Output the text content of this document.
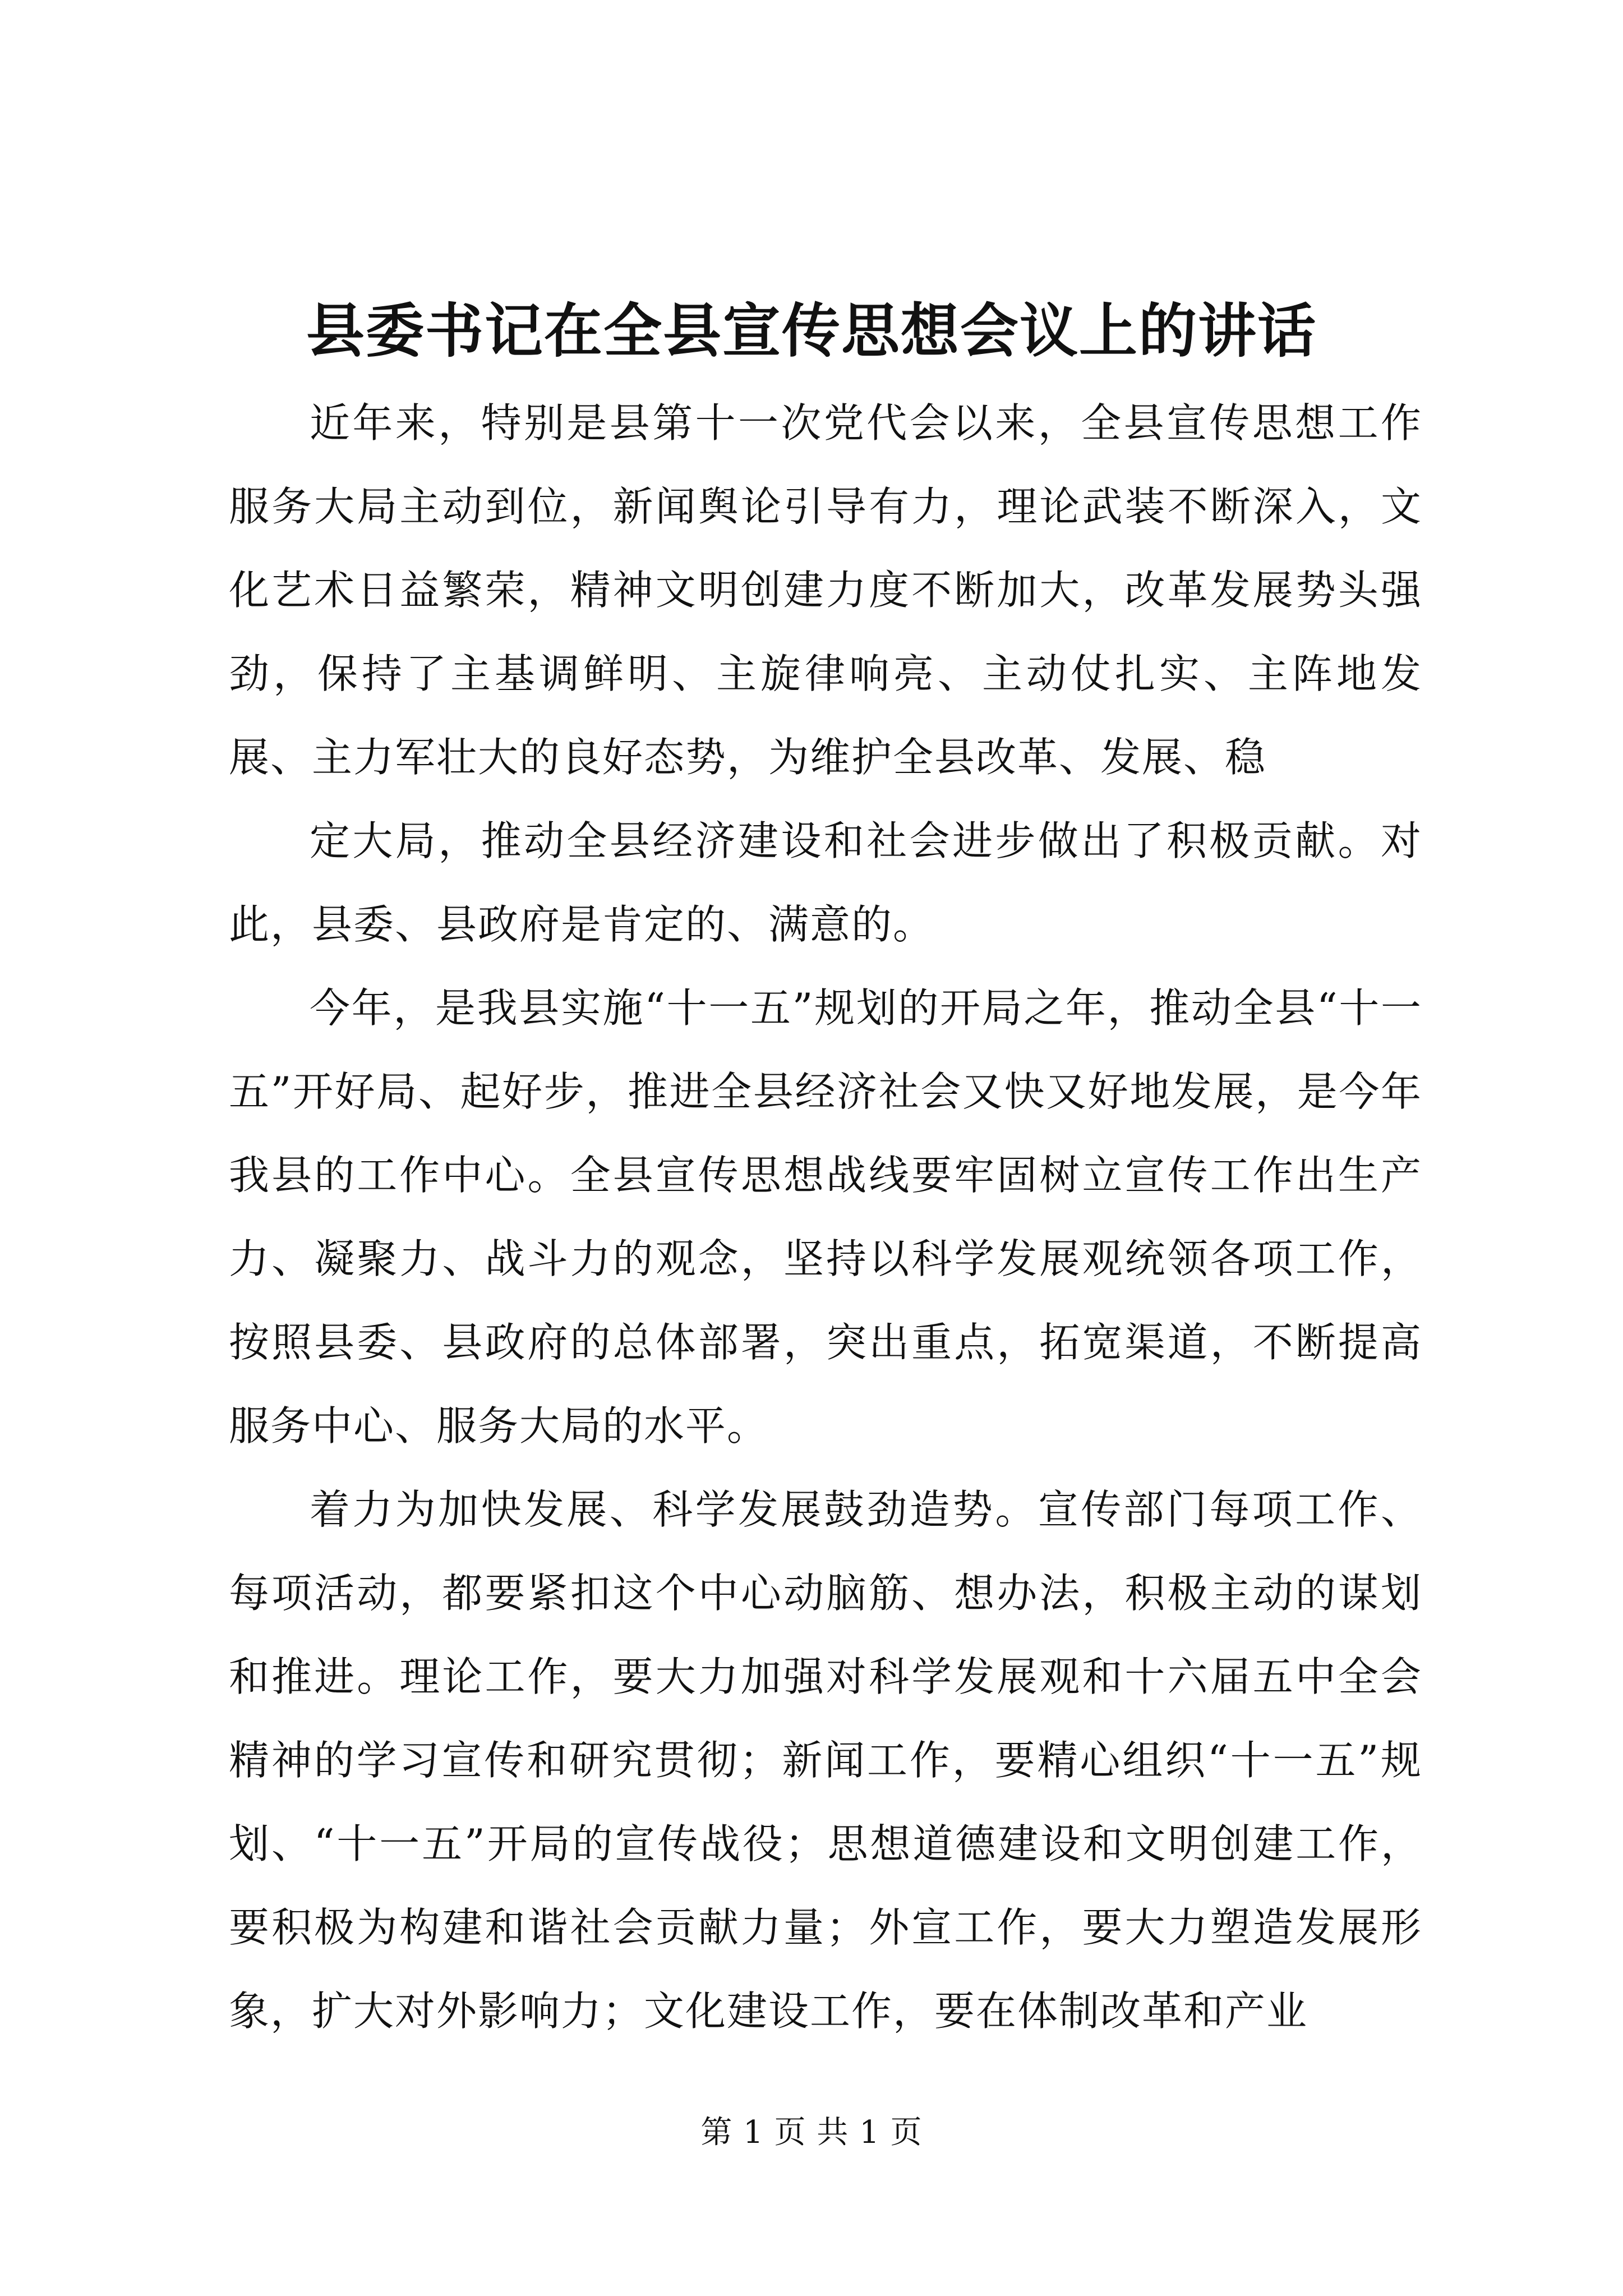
县委书记在全县宣传思想会议上的讲话

近年来，特别是县第十一次党代会以来，全县宣传思想工作服务大局主动到位，新闻舆论引导有力，理论武装不断深入，文化艺术日益繁荣，精神文明创建力度不断加大，改革发展势头强劲，保持了主基调鲜明、主旋律响亮、主动仗扎实、主阵地发展、主力军壮大的良好态势，为维护全县改革、发展、稳

定大局，推动全县经济建设和社会进步做出了积极贡献。对此，县委、县政府是肯定的、满意的。

今年，是我县实施“十一五”规划的开局之年，推动全县“十一五”开好局、起好步，推进全县经济社会又快又好地发展，是今年我县的工作中心。全县宣传思想战线要牢固树立宣传工作出生产力、凝聚力、战斗力的观念，坚持以科学发展观统领各项工作，按照县委、县政府的总体部署，突出重点，拓宽渠道，不断提高服务中心、服务大局的水平。

着力为加快发展、科学发展鼓劲造势。宣传部门每项工作、每项活动，都要紧扣这个中心动脑筋、想办法，积极主动的谋划和推进。理论工作，要大力加强对科学发展观和十六届五中全会精神的学习宣传和研究贯彻；新闻工作，要精心组织“十一五”规划、“十一五”开局的宣传战役；思想道德建设和文明创建工作，要积极为构建和谐社会贡献力量；外宣工作，要大力塑造发展形象，扩大对外影响力；文化建设工作，要在体制改革和产业

第 1 页 共 1 页
